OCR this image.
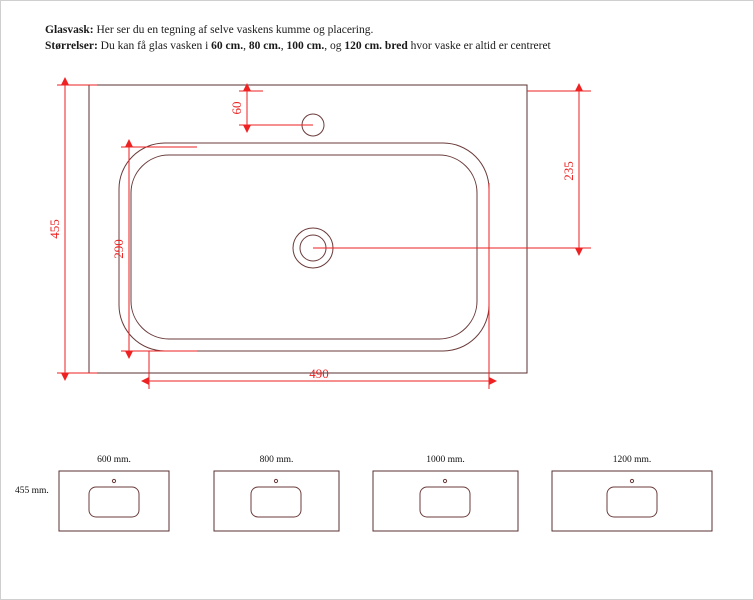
Glasvask: Her ser du en tegning af selve vaskens kumme og placering.
Størrelser: Du kan få glas vasken i 60 cm., 80 cm., 100 cm., og 120 cm. bred hvor vaske er altid er centreret
455
290
490
60
235
455 mm.
600 mm.	800 mm.	1000 mm.	1200 mm.
